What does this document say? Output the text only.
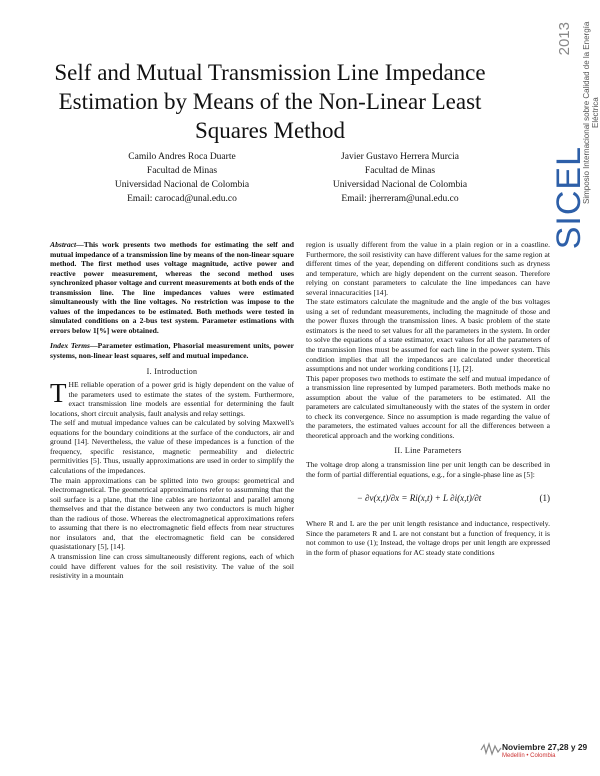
Self and Mutual Transmission Line Impedance Estimation by Means of the Non-Linear Least Squares Method
Camilo Andres Roca Duarte
Facultad de Minas
Universidad Nacional de Colombia
Email: carocad@unal.edu.co
Javier Gustavo Herrera Murcia
Facultad de Minas
Universidad Nacional de Colombia
Email: jherreram@unal.edu.co
2013 Simposio Internacional sobre Calidad de la Energía Eléctrica
SICEL

Abstract—This work presents two methods for estimating the self and mutual impedance of a transmission line by means of the non-linear square method. The first method uses voltage magnitude, active power and reactive power measurement, whereas the second method uses synchronized phasor voltage and current measurements at both ends of the transmission line. The line impedances values were estimated simultaneously with the line voltages. No restriction was impose to the values of the impedances to be estimated. Both methods were tested in simulated conditions on a 2-bus test system. Parameter estimations with errors below 1[%] were obtained.

Index Terms—Parameter estimation, Phasorial measurement units, power systems, non-linear least squares, self and mutual impedance.

I. Introduction

THE reliable operation of a power grid is higly dependent on the value of the parameters used to estimate the states of the system. Furthermore, exact transmission line models are essential for determining the fault locations, short circuit analysis, fault analysis and relay settings.

The self and mutual impedance values can be calculated by solving Maxwell's equations for the boundary coinditions at the surface of the conductors, air and ground [14]. Nevertheless, the value of these impedances is a function of the frequency, specific resistance, magnetic permeability and dielectric permitivities [5]. Thus, usually approximations are used in order to simplify the calculations of the impedances.

The main approximations can be splitted into two groups: geometrical and electromagnetical. The geometrical approximations refer to assumming that the soil surface is a plane, that the line cables are horizontal and parallel among themselves and that the distance between any two conductors is much higher than the radious of those. Whereas the electromagnetical approximations refers to assuming that there is no electromagnetic field effects from near structures nor insulators and, that the electromagnetic field can be considered quasistationary [5], [14].

A transmission line can cross simultaneously different regions, each of which could have different values for the soil resistivity. The value of the soil resistivity in a mountain

region is usually different from the value in a plain region or in a coastline. Furthermore, the soil resistivity can have different values for the same region at different times of the year, depending on different conditions such as dryness and temperature, which are higly dependent on the current season. Therefore relying on constant parameters to calculate the line impedances can have several innacuracities [14].

The state estimators calculate the magnitude and the angle of the bus voltages using a set of redundant measurements, including the magnitude of those and the power fluxes through the transmission lines. A basic problem of the state estimators is the need to set values for all the parameters in the system. In order to solve the equations of a state estimator, exact values for all the parameters of the transmission lines must be assumed for each line in the power system. This condition implies that all the impedances are calculated under theoretical assumptions and not under working conditions [1], [2].

This paper proposes two methods to estimate the self and mutual impedance of a transmission line represented by lumped parameters. Both methods make no assumption about the value of the parameters to be estimated. All the parameters are calculated simultaneously with the states of the system in order to check its convergence. Since no assumption is made regarding the value of the parameters, the estimated values account for all the differences between a theoretical approach and the working conditions.

II. Line Parameters

The voltage drop along a transmission line per unit length can be described in the form of partial differential equations, e.g., for a single-phase line as [5]:

− ∂v(x,t)/∂x = Ri(x,t) + L ∂i(x,t)/∂t	(1)

Where R and L are the per unit length resistance and inductance, respectively. Since the parameters R and L are not constant but a function of frequency, it is not common to use (1); Instead, the voltage drops per unit length are expressed in the form of phasor equations for AC steady state conditions

Noviembre 27,28 y 29
Medellín • Colombia
